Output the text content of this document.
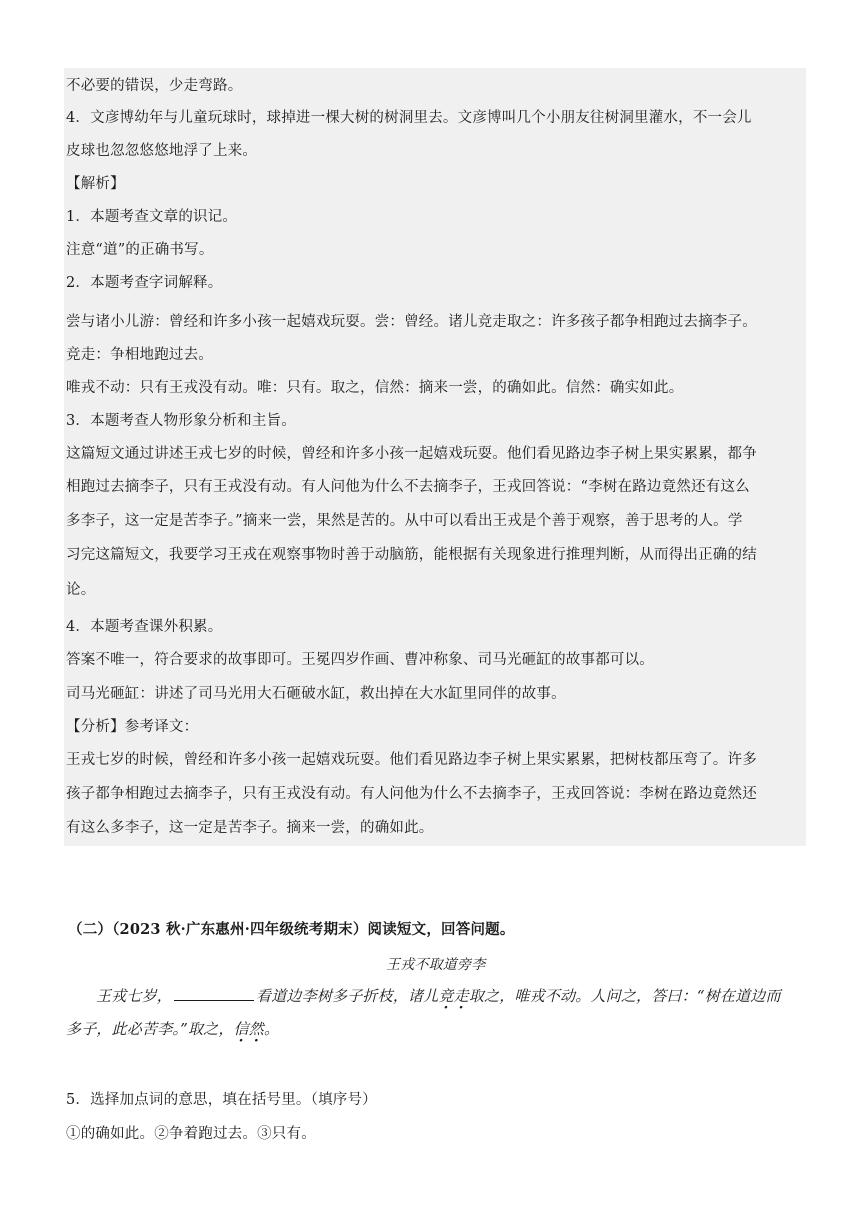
不必要的错误，少走弯路。
4．文彦博幼年与儿童玩球时，球掉进一棵大树的树洞里去。文彦博叫几个小朋友往树洞里灌水，不一会儿
皮球也忽忽悠悠地浮了上来。
【解析】
1．本题考查文章的识记。
注意“道”的正确书写。
2．本题考查字词解释。
尝与诸小儿游：曾经和许多小孩一起嬉戏玩耍。尝：曾经。诸儿竞走取之：许多孩子都争相跑过去摘李子。
竞走：争相地跑过去。
唯戎不动：只有王戎没有动。唯：只有。取之，信然：摘来一尝，的确如此。信然：确实如此。
3．本题考查人物形象分析和主旨。
这篇短文通过讲述王戎七岁的时候，曾经和许多小孩一起嬉戏玩耍。他们看见路边李子树上果实累累，都争
相跑过去摘李子，只有王戎没有动。有人问他为什么不去摘李子，王戎回答说：“李树在路边竟然还有这么
多李子，这一定是苦李子。”摘来一尝，果然是苦的。从中可以看出王戎是个善于观察，善于思考的人。学
习完这篇短文，我要学习王戎在观察事物时善于动脑筋，能根据有关现象进行推理判断，从而得出正确的结
论。
4．本题考查课外积累。
答案不唯一，符合要求的故事即可。王冕四岁作画、曹冲称象、司马光砸缸的故事都可以。
司马光砸缸：讲述了司马光用大石砸破水缸，救出掉在大水缸里同伴的故事。
【分析】参考译文：
王戎七岁的时候，曾经和许多小孩一起嬉戏玩耍。他们看见路边李子树上果实累累，把树枝都压弯了。许多
孩子都争相跑过去摘李子，只有王戎没有动。有人问他为什么不去摘李子，王戎回答说：李树在路边竟然还
有这么多李子，这一定是苦李子。摘来一尝，的确如此。
（二）（2023 秋·广东惠州·四年级统考期末）阅读短文，回答问题。
王戎不取道旁李
王戎七岁，	看道边李树多子折枝，诸儿竞走取之，唯戎不动。人问之，答曰：“树在道边而
多子，此必苦李。”取之，信然。
5．选择加点词的意思，填在括号里。（填序号）
①的确如此。②争着跑过去。③只有。
